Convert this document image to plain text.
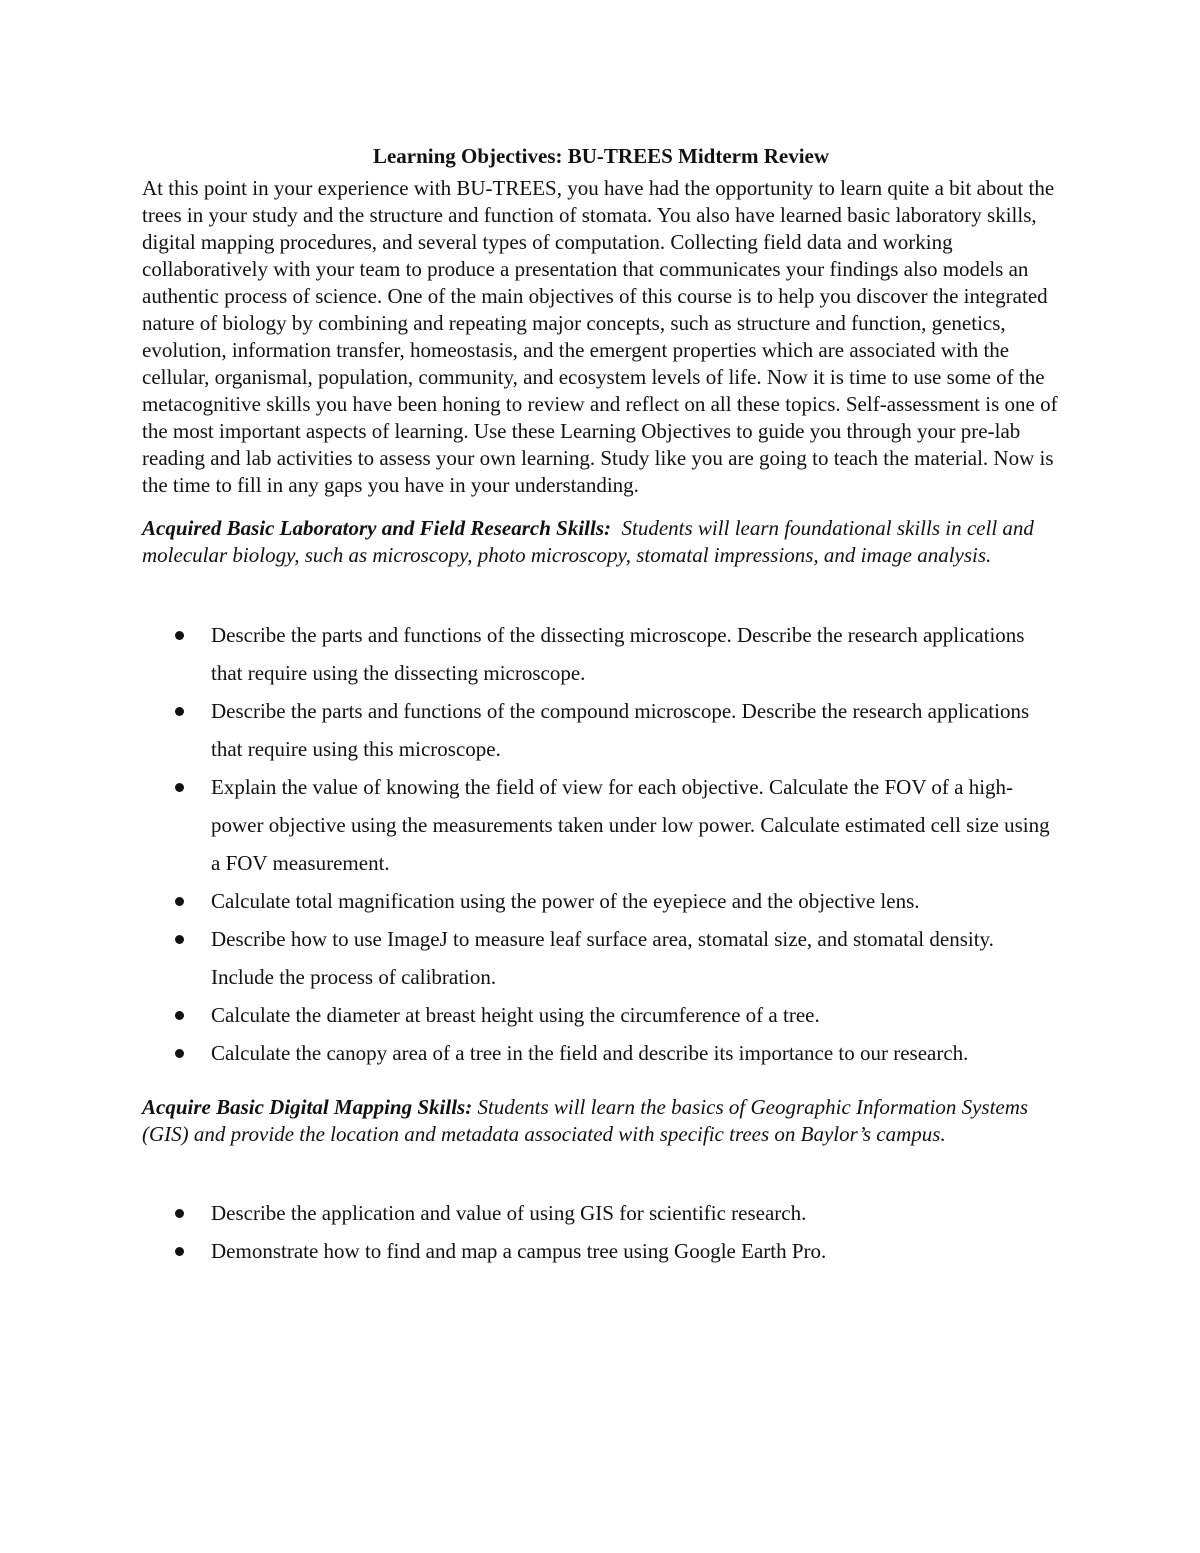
Learning Objectives: BU-TREES Midterm Review

At this point in your experience with BU-TREES, you have had the opportunity to learn quite a bit about the trees in your study and the structure and function of stomata. You also have learned basic laboratory skills, digital mapping procedures, and several types of computation. Collecting field data and working collaboratively with your team to produce a presentation that communicates your findings also models an authentic process of science. One of the main objectives of this course is to help you discover the integrated nature of biology by combining and repeating major concepts, such as structure and function, genetics, evolution, information transfer, homeostasis, and the emergent properties which are associated with the cellular, organismal, population, community, and ecosystem levels of life. Now it is time to use some of the metacognitive skills you have been honing to review and reflect on all these topics. Self-assessment is one of the most important aspects of learning. Use these Learning Objectives to guide you through your pre-lab reading and lab activities to assess your own learning. Study like you are going to teach the material. Now is the time to fill in any gaps you have in your understanding.

Acquired Basic Laboratory and Field Research Skills: Students will learn foundational skills in cell and molecular biology, such as microscopy, photo microscopy, stomatal impressions, and image analysis.

Describe the parts and functions of the dissecting microscope. Describe the research applications that require using the dissecting microscope.
Describe the parts and functions of the compound microscope. Describe the research applications that require using this microscope.
Explain the value of knowing the field of view for each objective. Calculate the FOV of a high-power objective using the measurements taken under low power. Calculate estimated cell size using a FOV measurement.
Calculate total magnification using the power of the eyepiece and the objective lens.
Describe how to use ImageJ to measure leaf surface area, stomatal size, and stomatal density. Include the process of calibration.
Calculate the diameter at breast height using the circumference of a tree.
Calculate the canopy area of a tree in the field and describe its importance to our research.

Acquire Basic Digital Mapping Skills: Students will learn the basics of Geographic Information Systems (GIS) and provide the location and metadata associated with specific trees on Baylor’s campus.

Describe the application and value of using GIS for scientific research.
Demonstrate how to find and map a campus tree using Google Earth Pro.
